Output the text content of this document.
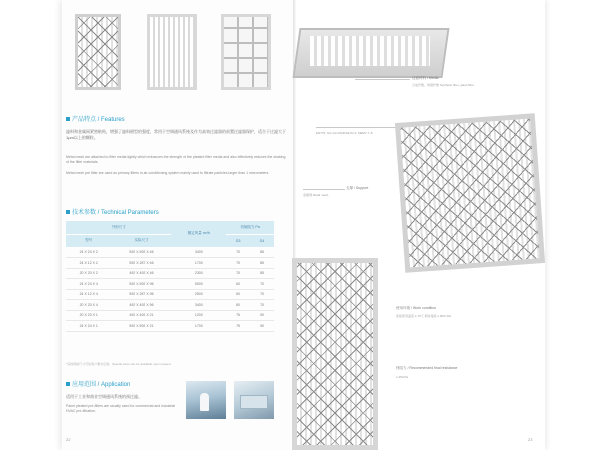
产品特点 / Features
滤料和金属网紧密粘贴，增强了滤料褶型的强度，常用于空调通风系统及作为高效过滤器的前置过滤器保护，适合于过滤大于1μm以上的颗粒。
Metal mesh are attached to filter media tightly which enhances the strength of the pleated filter media and also effectively reduces the shaking of the filter materials.
Metal mesh pre filter are used as primary filters in air-conditioning system mainly used to filtrate particles larger than 1 micrometers.
技术参数 / Technical Parameters
外形尺寸		额定风量 m³/h	初始阻力 Pa	
型号	实际尺寸		G3	G4
24 X 24 X 2	592 X 592 X 46	3400	70	85
24 X 12 X 2	592 X 287 X 46	1700	70	85
20 X 20 X 2	492 X 492 X 46	2300	70	85
24 X 24 X 4	592 X 592 X 96	5000	60	70
24 X 12 X 4	592 X 287 X 96	2500	60	70
20 X 20 X 4	492 X 492 X 96	3400	60	70
20 X 20 X 1	492 X 492 X 21	1200	75	90
24 X 24 X 1	592 X 592 X 21	1700	75	90
*其他规格尺寸可依客户要求定制。Special sizes can be available upon request.
应用范围 / Application
适用于工业和商业空调通风系统的预过滤。
Panel pleated pre-filters are usually used for commercial and industrial HVAC pre-filtration.
22
过滤材料 / Media
合成纤维，玻璃纤维 Synthetic fiber, glass fiber
EN779: G3~G4 ASHRAE 52.2: MERV 7~8
支撑 / Support
金属网 Metal mesh
使用环境 / Work condition
连续使用温度 ≤ 70℃ 相对湿度 ≤ 90% RH
终阻力 / Recommended final resistance
≤ 250 Pa
23
